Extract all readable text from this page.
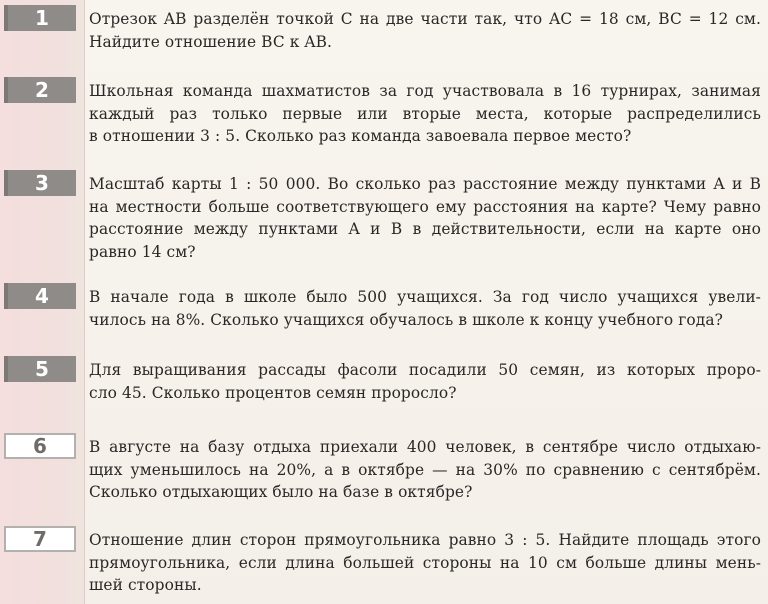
1	Отрезок AB разделён точкой C на две части так, что AC = 18 см, BC = 12 см.
Найдите отношение BC к AB.
2	Школьная команда шахматистов за год участвовала в 16 турнирах, занимая
каждый раз только первые или вторые места, которые распределились
в отношении 3 : 5. Сколько раз команда завоевала первое место?
3	Масштаб карты 1 : 50 000. Во сколько раз расстояние между пунктами A и B
на местности больше соответствующего ему расстояния на карте? Чему равно
расстояние между пунктами A и B в действительности, если на карте оно
равно 14 см?
4	В начале года в школе было 500 учащихся. За год число учащихся увели-
чилось на 8%. Сколько учащихся обучалось в школе к концу учебного года?
5	Для выращивания рассады фасоли посадили 50 семян, из которых проро-
сло 45. Сколько процентов семян проросло?
6	В августе на базу отдыха приехали 400 человек, в сентябре число отдыхаю-
щих уменьшилось на 20%, а в октябре — на 30% по сравнению с сентябрём.
Сколько отдыхающих было на базе в октябре?
7	Отношение длин сторон прямоугольника равно 3 : 5. Найдите площадь этого
прямоугольника, если длина большей стороны на 10 см больше длины мень-
шей стороны.
